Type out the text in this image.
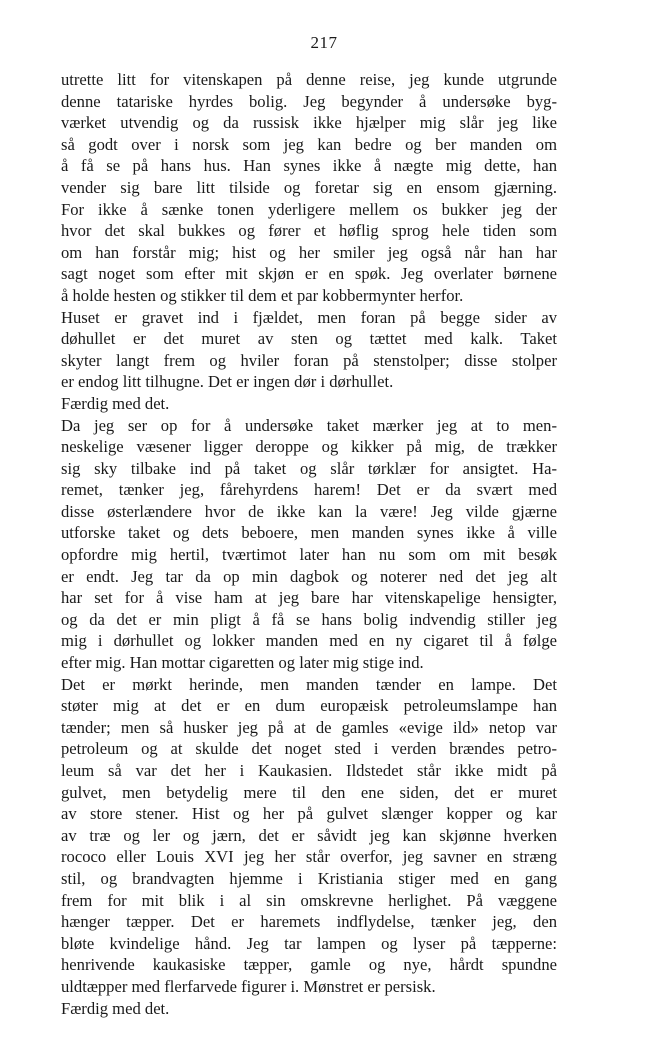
217
utrette litt for vitenskapen på denne reise, jeg kunde utgrunde
denne tatariske hyrdes bolig. Jeg begynder å undersøke byg-
værket utvendig og da russisk ikke hjælper mig slår jeg like
så godt over i norsk som jeg kan bedre og ber manden om
å få se på hans hus. Han synes ikke å nægte mig dette, han
vender sig bare litt tilside og foretar sig en ensom gjærning.
For ikke å sænke tonen yderligere mellem os bukker jeg der
hvor det skal bukkes og fører et høflig sprog hele tiden som
om han forstår mig; hist og her smiler jeg også når han har
sagt noget som efter mit skjøn er en spøk. Jeg overlater børnene
å holde hesten og stikker til dem et par kobbermynter herfor.
Huset er gravet ind i fjældet, men foran på begge sider av
døhullet er det muret av sten og tættet med kalk. Taket
skyter langt frem og hviler foran på stenstolper; disse stolper
er endog litt tilhugne. Det er ingen dør i dørhullet.
Færdig med det.
Da jeg ser op for å undersøke taket mærker jeg at to men-
neskelige væsener ligger deroppe og kikker på mig, de trækker
sig sky tilbake ind på taket og slår tørklær for ansigtet. Ha-
remet, tænker jeg, fårehyrdens harem! Det er da svært med
disse østerlændere hvor de ikke kan la være! Jeg vilde gjærne
utforske taket og dets beboere, men manden synes ikke å ville
opfordre mig hertil, tværtimot later han nu som om mit besøk
er endt. Jeg tar da op min dagbok og noterer ned det jeg alt
har set for å vise ham at jeg bare har vitenskapelige hensigter,
og da det er min pligt å få se hans bolig indvendig stiller jeg
mig i dørhullet og lokker manden med en ny cigaret til å følge
efter mig. Han mottar cigaretten og later mig stige ind.
Det er mørkt herinde, men manden tænder en lampe. Det
støter mig at det er en dum europæisk petroleumslampe han
tænder; men så husker jeg på at de gamles «evige ild» netop var
petroleum og at skulde det noget sted i verden brændes petro-
leum så var det her i Kaukasien. Ildstedet står ikke midt på
gulvet, men betydelig mere til den ene siden, det er muret
av store stener. Hist og her på gulvet slænger kopper og kar
av træ og ler og jærn, det er såvidt jeg kan skjønne hverken
rococo eller Louis XVI jeg her står overfor, jeg savner en stræng
stil, og brandvagten hjemme i Kristiania stiger med en gang
frem for mit blik i al sin omskrevne herlighet. På væggene
hænger tæpper. Det er haremets indflydelse, tænker jeg, den
bløte kvindelige hånd. Jeg tar lampen og lyser på tæpperne:
henrivende kaukasiske tæpper, gamle og nye, hårdt spundne
uldtæpper med flerfarvede figurer i. Mønstret er persisk.
Færdig med det.
